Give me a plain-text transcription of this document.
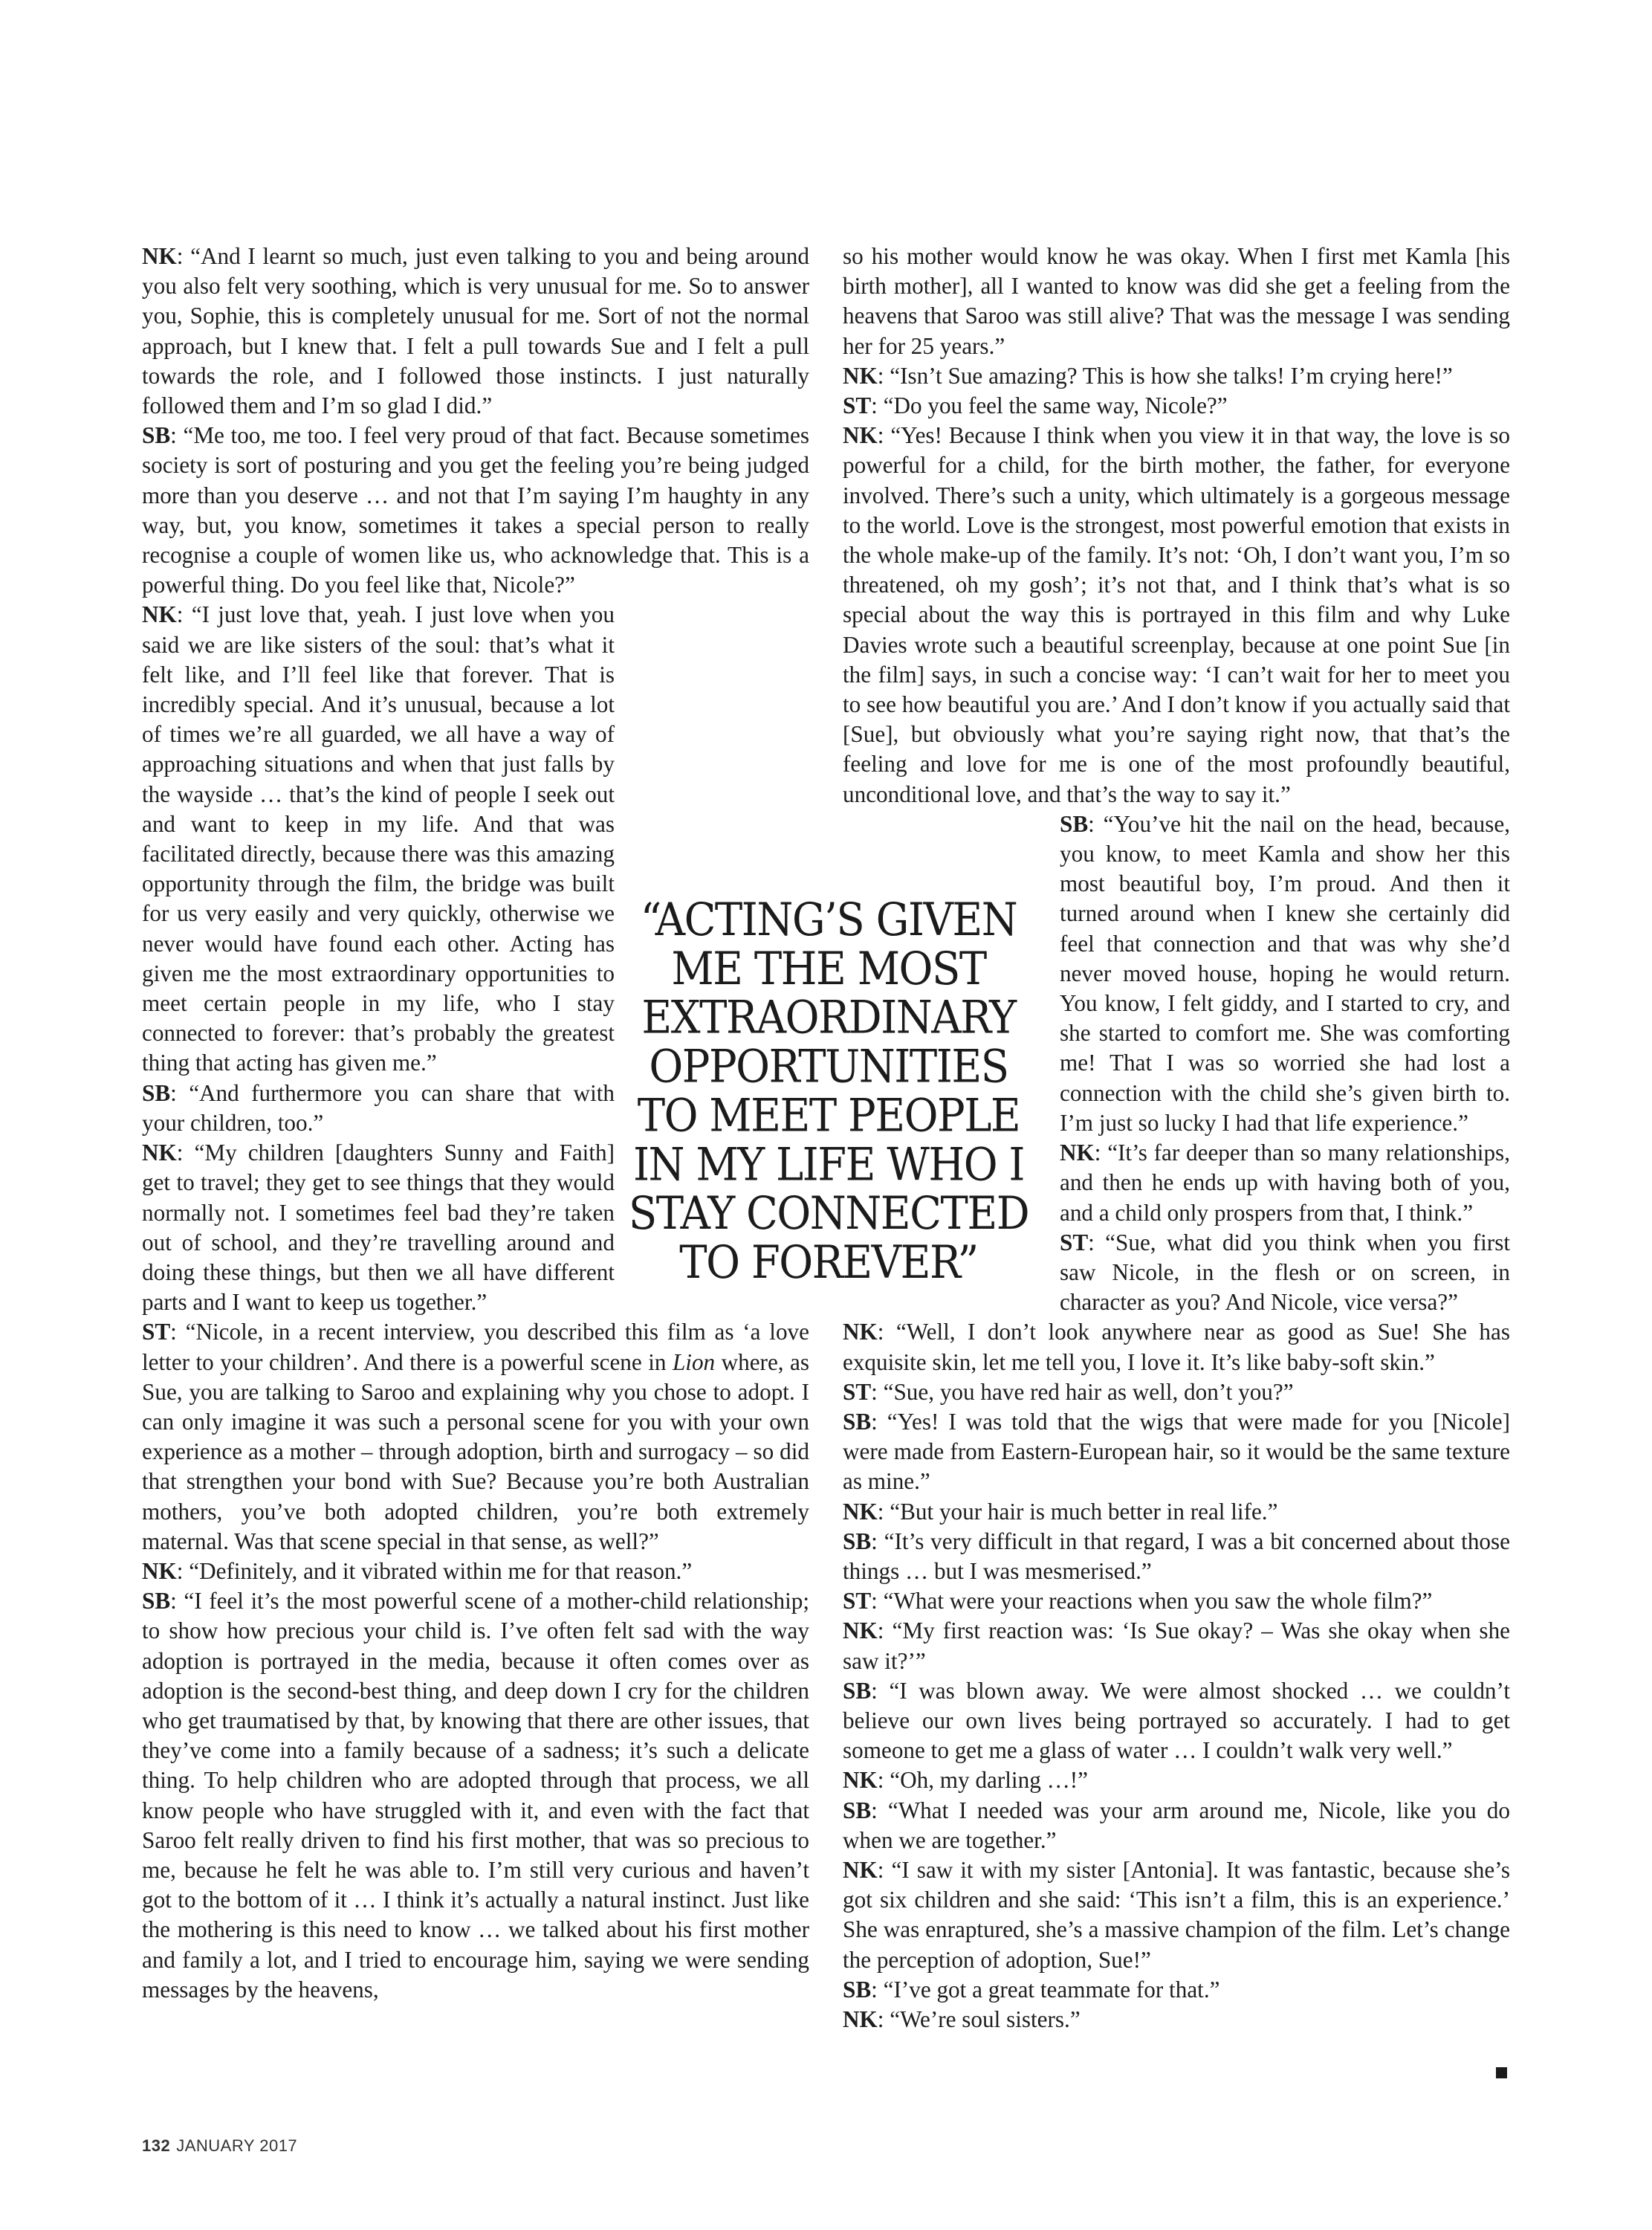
NK: “And I learnt so much, just even talking to you and being around you also felt very soothing, which is very unusual for me. So to answer you, Sophie, this is completely unusual for me. Sort of not the normal approach, but I knew that. I felt a pull towards Sue and I felt a pull towards the role, and I followed those instincts. I just naturally followed them and I’m so glad I did.”

SB: “Me too, me too. I feel very proud of that fact. Because sometimes society is sort of posturing and you get the feeling you’re being judged more than you deserve … and not that I’m saying I’m haughty in any way, but, you know, sometimes it takes a special person to really recognise a couple of women like us, who acknowledge that. This is a powerful thing. Do you feel like that, Nicole?”

NK: “I just love that, yeah. I just love when you said we are like sisters of the soul: that’s what it felt like, and I’ll feel like that forever. That is incredibly special. And it’s unusual, because a lot of times we’re all guarded, we all have a way of approaching situations and when that just falls by the wayside … that’s the kind of people I seek out and want to keep in my life. And that was facilitated directly, because there was this amazing opportunity through the film, the bridge was built for us very easily and very quickly, otherwise we never would have found each other. Acting has given me the most extraordinary opportunities to meet certain people in my life, who I stay connected to forever: that’s probably the greatest thing that acting has given me.”

SB: “And furthermore you can share that with your children, too.”

NK: “My children [daughters Sunny and Faith] get to travel; they get to see things that they would normally not. I sometimes feel bad they’re taken out of school, and they’re travelling around and doing these things, but then we all have different parts and I want to keep us together.”

ST: “Nicole, in a recent interview, you described this film as ‘a love letter to your children’. And there is a powerful scene in Lion where, as Sue, you are talking to Saroo and explaining why you chose to adopt. I can only imagine it was such a personal scene for you with your own experience as a mother – through adoption, birth and surrogacy – so did that strengthen your bond with Sue? Because you’re both Australian mothers, you’ve both adopted children, you’re both extremely maternal. Was that scene special in that sense, as well?”

NK: “Definitely, and it vibrated within me for that reason.”

SB: “I feel it’s the most powerful scene of a mother-child relationship; to show how precious your child is. I’ve often felt sad with the way adoption is portrayed in the media, because it often comes over as adoption is the second-best thing, and deep down I cry for the children who get traumatised by that, by knowing that there are other issues, that they’ve come into a family because of a sadness; it’s such a delicate thing. To help children who are adopted through that process, we all know people who have struggled with it, and even with the fact that Saroo felt really driven to find his first mother, that was so precious to me, because he felt he was able to. I’m still very curious and haven’t got to the bottom of it … I think it’s actually a natural instinct. Just like the mothering is this need to know … we talked about his first mother and family a lot, and I tried to encourage him, saying we were sending messages by the heavens,

so his mother would know he was okay. When I first met Kamla [his birth mother], all I wanted to know was did she get a feeling from the heavens that Saroo was still alive? That was the message I was sending her for 25 years.”

NK: “Isn’t Sue amazing? This is how she talks! I’m crying here!”

ST: “Do you feel the same way, Nicole?”

NK: “Yes! Because I think when you view it in that way, the love is so powerful for a child, for the birth mother, the father, for everyone involved. There’s such a unity, which ultimately is a gorgeous message to the world. Love is the strongest, most powerful emotion that exists in the whole make-up of the family. It’s not: ‘Oh, I don’t want you, I’m so threatened, oh my gosh’; it’s not that, and I think that’s what is so special about the way this is portrayed in this film and why Luke Davies wrote such a beautiful screenplay, because at one point Sue [in the film] says, in such a concise way: ‘I can’t wait for her to meet you to see how beautiful you are.’ And I don’t know if you actually said that [Sue], but obviously what you’re saying right now, that that’s the feeling and love for me is one of the most profoundly beautiful, unconditional love, and that’s the way to say it.”

SB: “You’ve hit the nail on the head, because, you know, to meet Kamla and show her this most beautiful boy, I’m proud. And then it turned around when I knew she certainly did feel that connection and that was why she’d never moved house, hoping he would return. You know, I felt giddy, and I started to cry, and she started to comfort me. She was comforting me! That I was so worried she had lost a connection with the child she’s given birth to. I’m just so lucky I had that life experience.”

NK: “It’s far deeper than so many relationships, and then he ends up with having both of you, and a child only prospers from that, I think.”

ST: “Sue, what did you think when you first saw Nicole, in the flesh or on screen, in character as you? And Nicole, vice versa?”

NK: “Well, I don’t look anywhere near as good as Sue! She has exquisite skin, let me tell you, I love it. It’s like baby-soft skin.”

ST: “Sue, you have red hair as well, don’t you?”

SB: “Yes! I was told that the wigs that were made for you [Nicole] were made from Eastern-European hair, so it would be the same texture as mine.”

NK: “But your hair is much better in real life.”

SB: “It’s very difficult in that regard, I was a bit concerned about those things … but I was mesmerised.”

ST: “What were your reactions when you saw the whole film?”

NK: “My first reaction was: ‘Is Sue okay? – Was she okay when she saw it?’”

SB: “I was blown away. We were almost shocked … we couldn’t believe our own lives being portrayed so accurately. I had to get someone to get me a glass of water … I couldn’t walk very well.”

NK: “Oh, my darling …!”

SB: “What I needed was your arm around me, Nicole, like you do when we are together.”

NK: “I saw it with my sister [Antonia]. It was fantastic, because she’s got six children and she said: ‘This isn’t a film, this is an experience.’ She was enraptured, she’s a massive champion of the film. Let’s change the perception of adoption, Sue!”

SB: “I’ve got a great teammate for that.”

NK: “We’re soul sisters.”

“ACTING’S GIVEN
ME THE MOST
EXTRAORDINARY
OPPORTUNITIES
TO MEET PEOPLE
IN MY LIFE WHO I
STAY CONNECTED
TO FOREVER”
132 JANUARY 2017
